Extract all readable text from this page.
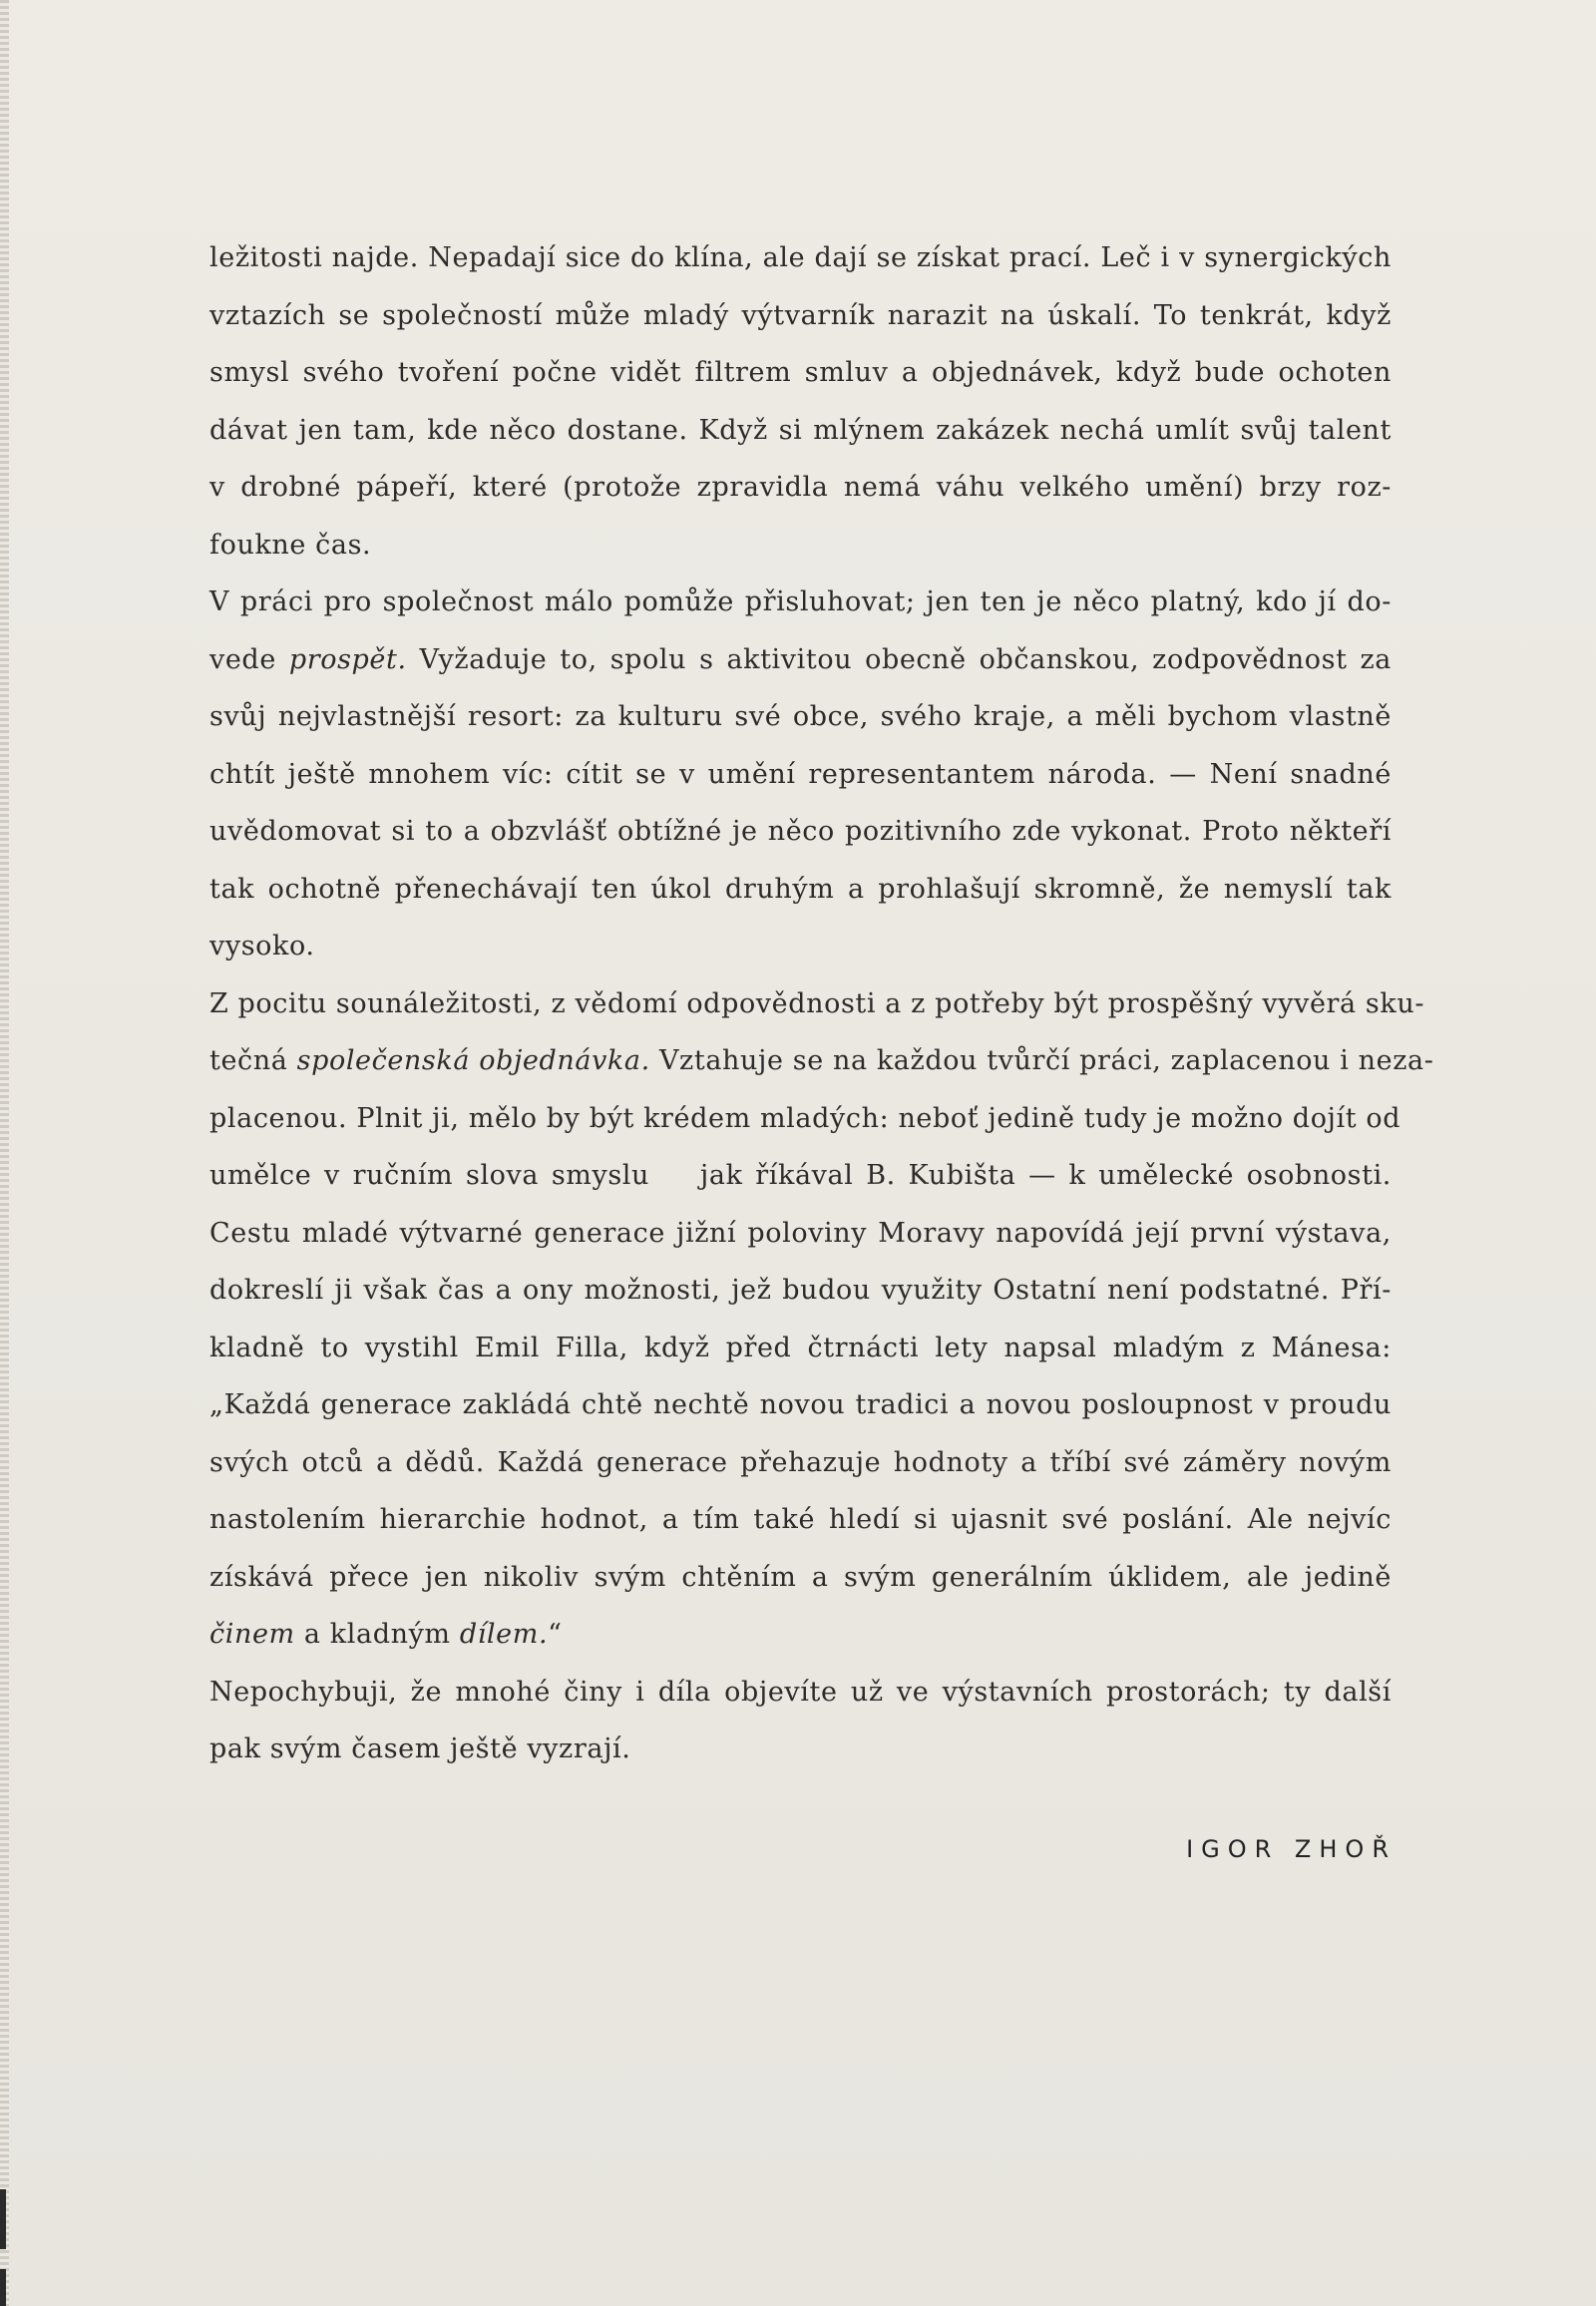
ležitosti najde. Nepadají sice do klína, ale dají se získat prací. Leč i v synergických
vztazích se společností může mladý výtvarník narazit na úskalí. To tenkrát, když
smysl svého tvoření počne vidět filtrem smluv a objednávek, když bude ochoten
dávat jen tam, kde něco dostane. Když si mlýnem zakázek nechá umlít svůj talent
v drobné pápeří, které (protože zpravidla nemá váhu velkého umění) brzy roz-
foukne čas.
V práci pro společnost málo pomůže přisluhovat; jen ten je něco platný, kdo jí do-
vede prospět. Vyžaduje to, spolu s aktivitou obecně občanskou, zodpovědnost za
svůj nejvlastnější resort: za kulturu své obce, svého kraje, a měli bychom vlastně
chtít ještě mnohem víc: cítit se v umění representantem národa. — Není snadné
uvědomovat si to a obzvlášť obtížné je něco pozitivního zde vykonat. Proto někteří
tak ochotně přenechávají ten úkol druhým a prohlašují skromně, že nemyslí tak
vysoko.
Z pocitu sounáležitosti, z vědomí odpovědnosti a z potřeby být prospěšný vyvěrá sku-
tečná společenská objednávka. Vztahuje se na každou tvůrčí práci, zaplacenou i neza-
placenou. Plnit ji, mělo by být krédem mladých: neboť jedině tudy je možno dojít od
umělce v ručním slova smyslu    jak říkával B. Kubišta — k umělecké osobnosti.
Cestu mladé výtvarné generace jižní poloviny Moravy napovídá její první výstava,
dokreslí ji však čas a ony možnosti, jež budou využity Ostatní není podstatné. Pří-
kladně to vystihl Emil Filla, když před čtrnácti lety napsal mladým z Mánesa:
„Každá generace zakládá chtě nechtě novou tradici a novou posloupnost v proudu
svých otců a dědů. Každá generace přehazuje hodnoty a tříbí své záměry novým
nastolením hierarchie hodnot, a tím také hledí si ujasnit své poslání. Ale nejvíc
získává přece jen nikoliv svým chtěním a svým generálním úklidem, ale jedině
činem a kladným dílem.“
Nepochybuji, že mnohé činy i díla objevíte už ve výstavních prostorách; ty další
pak svým časem ještě vyzrají.
IGOR ZHOŘ
